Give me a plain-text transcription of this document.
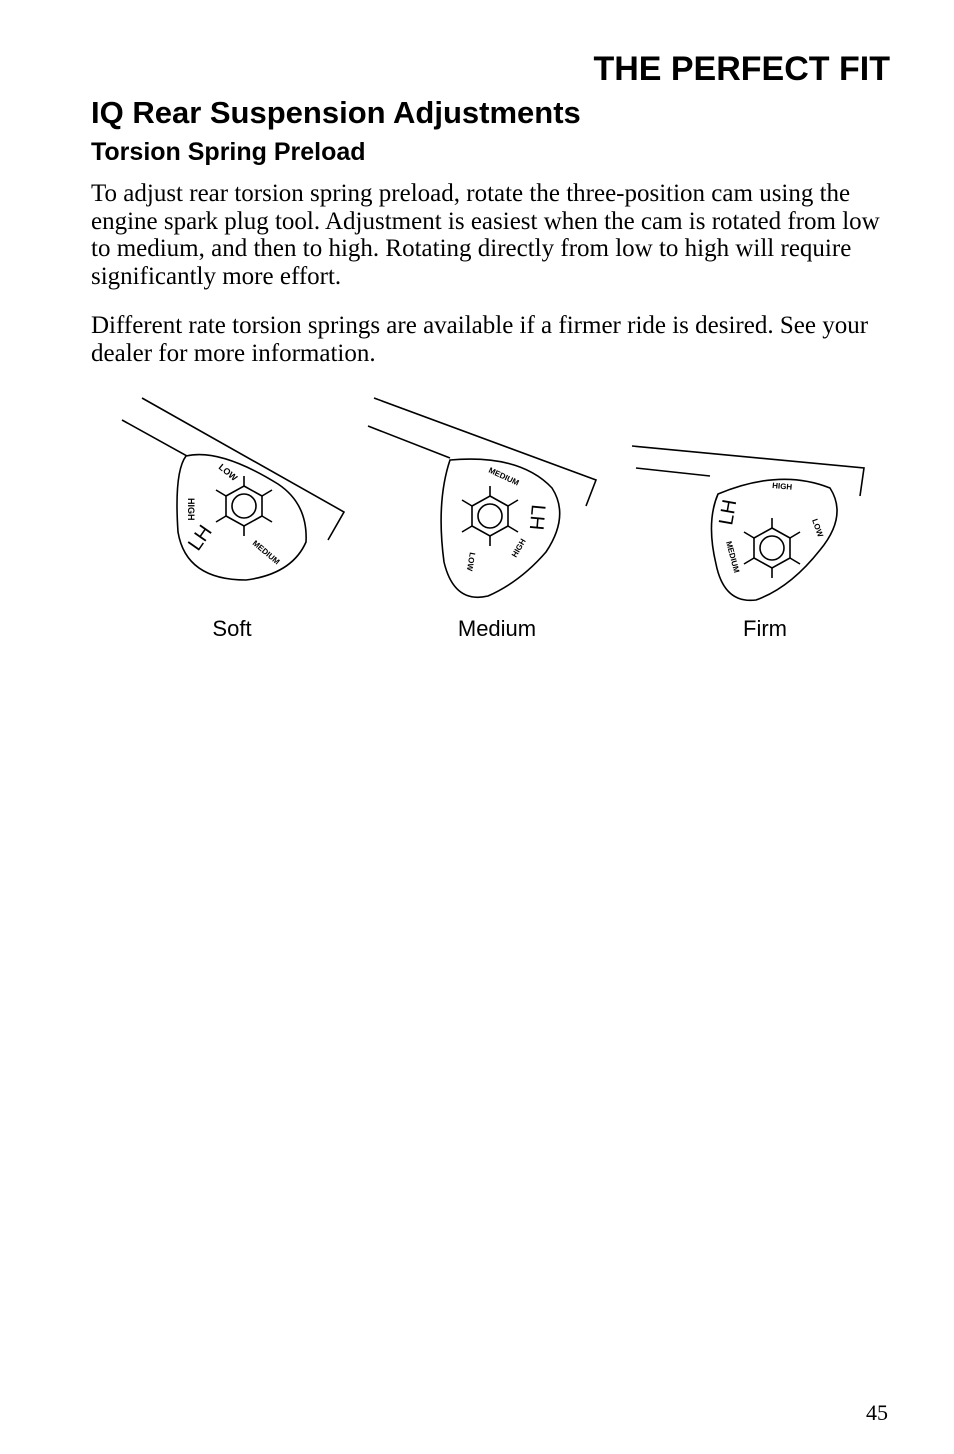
THE PERFECT FIT
IQ Rear Suspension Adjustments
Torsion Spring Preload

To adjust rear torsion spring preload, rotate the three-position cam using the engine spark plug tool. Adjustment is easiest when the cam is rotated from low to medium, and then to high. Rotating directly from low to high will require significantly more effort.

Different rate torsion springs are available if a firmer ride is desired. See your dealer for more information.

LOW
HIGH
MEDIUM
LH
MEDIUM
LH
LOW
HIGH
HIGH
LH
LOW
MEDIUM
Soft	Medium	Firm
45
